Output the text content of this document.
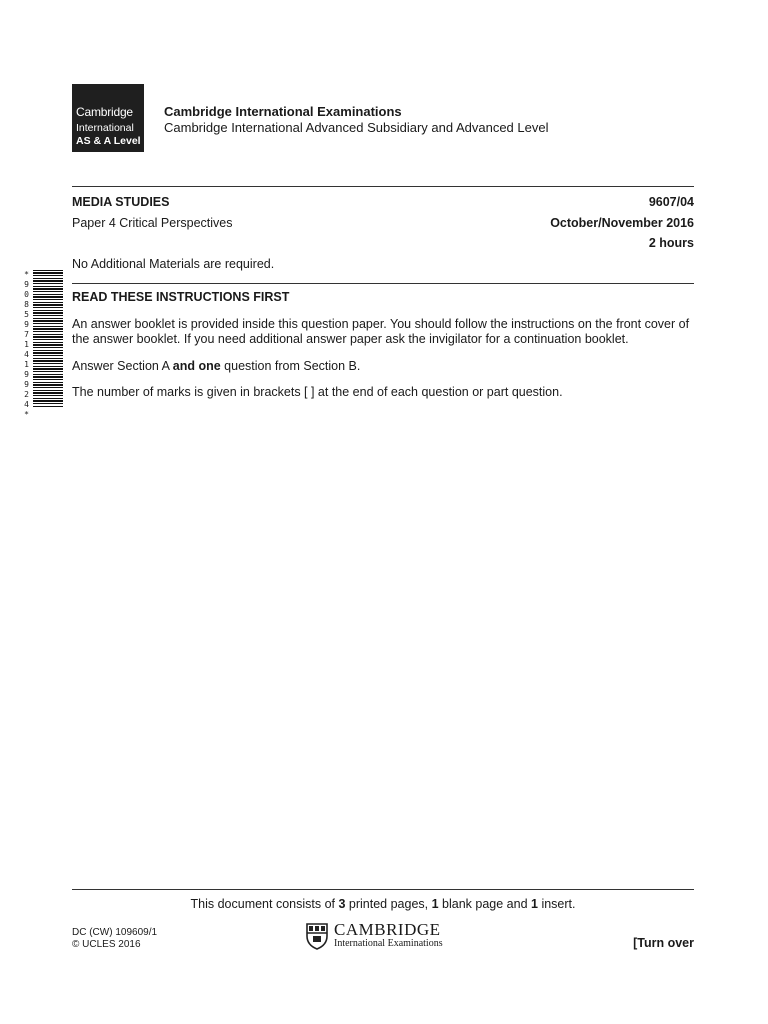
Cambridge
International
AS & A Level
Cambridge International Examinations
Cambridge International Advanced Subsidiary and Advanced Level
MEDIA STUDIES	9607/04
Paper 4 Critical Perspectives	October/November 2016
2 hours
No Additional Materials are required.
*9085971419924*	READ THESE INSTRUCTIONS FIRST
An answer booklet is provided inside this question paper. You should follow the instructions on the front cover of the answer booklet. If you need additional answer paper ask the invigilator for a continuation booklet.
Answer Section A and one question from Section B.
The number of marks is given in brackets [ ] at the end of each question or part question.
This document consists of 3 printed pages, 1 blank page and 1 insert.
DC (CW) 109609/1
© UCLES 2016
CAMBRIDGE
International Examinations	[Turn over
